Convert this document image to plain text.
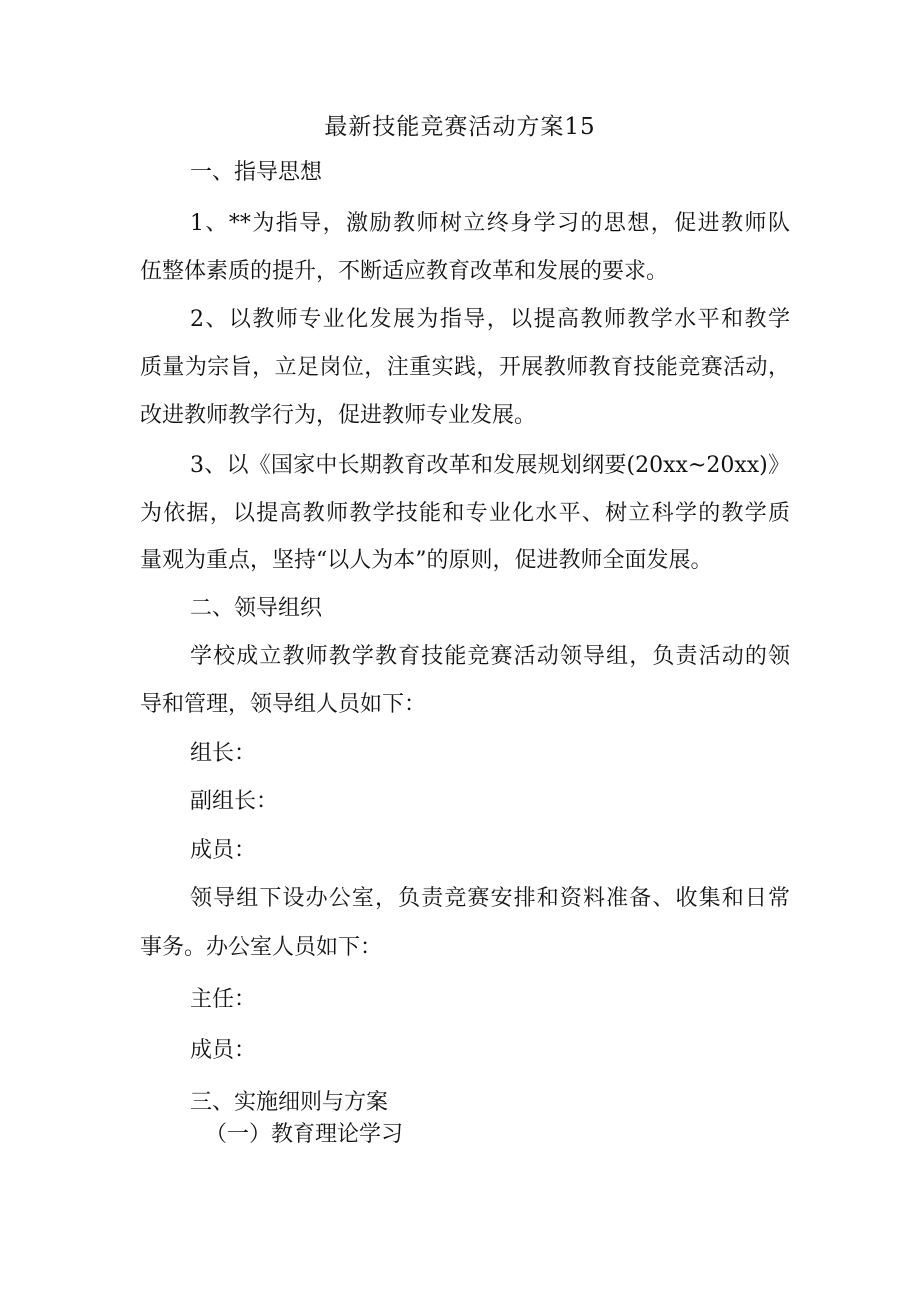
最新技能竞赛活动方案15
一、指导思想
1、**为指导，激励教师树立终身学习的思想，促进教师队
伍整体素质的提升，不断适应教育改革和发展的要求。
2、以教师专业化发展为指导，以提高教师教学水平和教学
质量为宗旨，立足岗位，注重实践，开展教师教育技能竞赛活动，
改进教师教学行为，促进教师专业发展。
3、以《国家中长期教育改革和发展规划纲要(20xx~20xx)》
为依据，以提高教师教学技能和专业化水平、树立科学的教学质
量观为重点，坚持“以人为本”的原则，促进教师全面发展。
二、领导组织
学校成立教师教学教育技能竞赛活动领导组，负责活动的领
导和管理，领导组人员如下：
组长：
副组长：
成员：
领导组下设办公室，负责竞赛安排和资料准备、收集和日常
事务。办公室人员如下：
主任：
成员：
三、实施细则与方案
（一）教育理论学习
